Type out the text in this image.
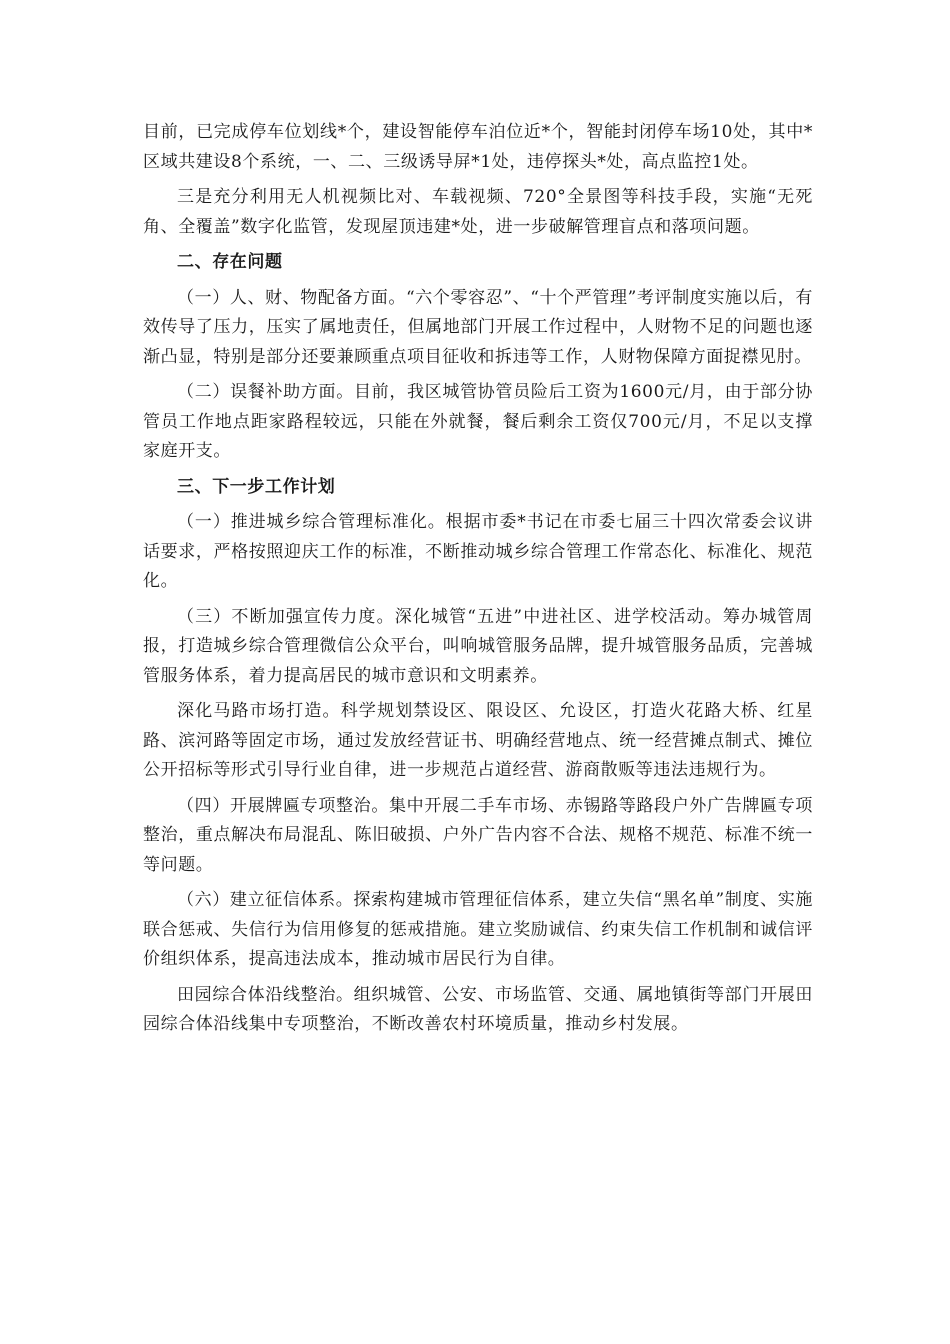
目前，已完成停车位划线*个，建设智能停车泊位近*个，智能封闭停车场10处，其中*区域共建设8个系统，一、二、三级诱导屏*1处，违停探头*处，高点监控1处。

三是充分利用无人机视频比对、车载视频、720°全景图等科技手段，实施“无死角、全覆盖”数字化监管，发现屋顶违建*处，进一步破解管理盲点和落项问题。

二、存在问题

（一）人、财、物配备方面。“六个零容忍”、“十个严管理”考评制度实施以后，有效传导了压力，压实了属地责任，但属地部门开展工作过程中，人财物不足的问题也逐渐凸显，特别是部分还要兼顾重点项目征收和拆违等工作，人财物保障方面捉襟见肘。

（二）误餐补助方面。目前，我区城管协管员险后工资为1600元/月，由于部分协管员工作地点距家路程较远，只能在外就餐，餐后剩余工资仅700元/月，不足以支撑家庭开支。

三、下一步工作计划

（一）推进城乡综合管理标准化。根据市委*书记在市委七届三十四次常委会议讲话要求，严格按照迎庆工作的标准，不断推动城乡综合管理工作常态化、标准化、规范化。

（三）不断加强宣传力度。深化城管“五进”中进社区、进学校活动。筹办城管周报，打造城乡综合管理微信公众平台，叫响城管服务品牌，提升城管服务品质，完善城管服务体系，着力提高居民的城市意识和文明素养。

深化马路市场打造。科学规划禁设区、限设区、允设区，打造火花路大桥、红星路、滨河路等固定市场，通过发放经营证书、明确经营地点、统一经营摊点制式、摊位公开招标等形式引导行业自律，进一步规范占道经营、游商散贩等违法违规行为。

（四）开展牌匾专项整治。集中开展二手车市场、赤锡路等路段户外广告牌匾专项整治，重点解决布局混乱、陈旧破损、户外广告内容不合法、规格不规范、标准不统一等问题。

（六）建立征信体系。探索构建城市管理征信体系，建立失信“黑名单”制度、实施联合惩戒、失信行为信用修复的惩戒措施。建立奖励诚信、约束失信工作机制和诚信评价组织体系，提高违法成本，推动城市居民行为自律。

田园综合体沿线整治。组织城管、公安、市场监管、交通、属地镇街等部门开展田园综合体沿线集中专项整治，不断改善农村环境质量，推动乡村发展。
